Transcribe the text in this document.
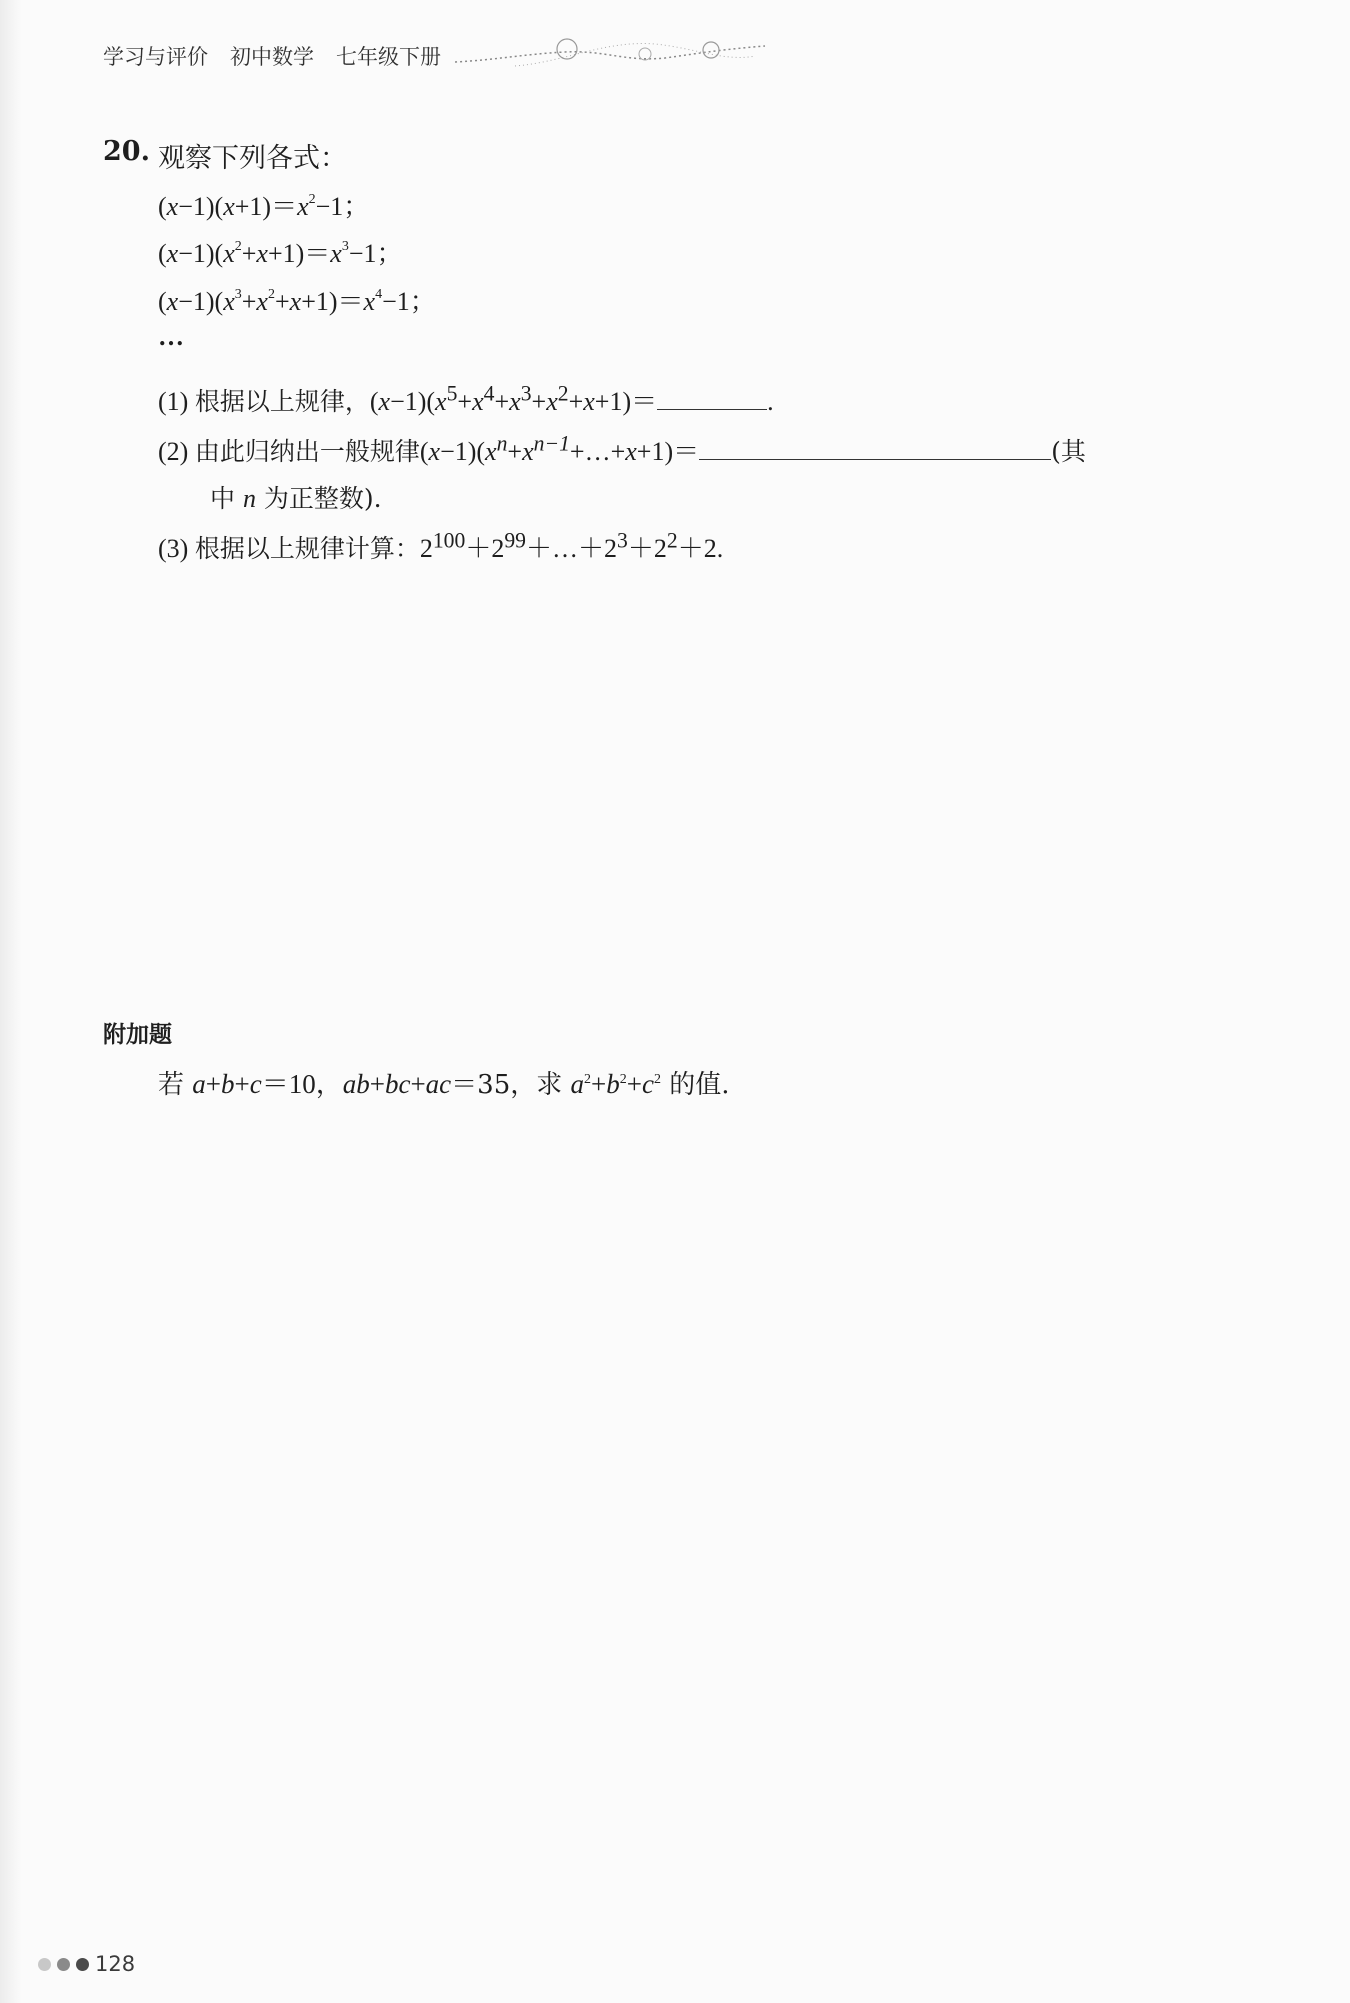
学习与评价 初中数学 七年级下册
20. 观察下列各式：
$(x-1)(x+1)=x^2-1$；
$(x-1)(x^2+x+1)=x^3-1$；
$(x-1)(x^3+x^2+x+1)=x^4-1$；
…
(1) 根据以上规律，$(x-1)(x^5+x^4+x^3+x^2+x+1)=$	.
(2) 由此归纳出一般规律$(x-1)(x^n+x^{n-1}+\dots+x+1)=$	(其
中 n 为正整数).
(3) 根据以上规律计算：$2^{100}+2^{99}+\dots+2^3+2^2+2$.
附加题
若 a+b+c＝10，ab+bc+ac＝35，求 $a^2+b^2+c^2$ 的值.
128
